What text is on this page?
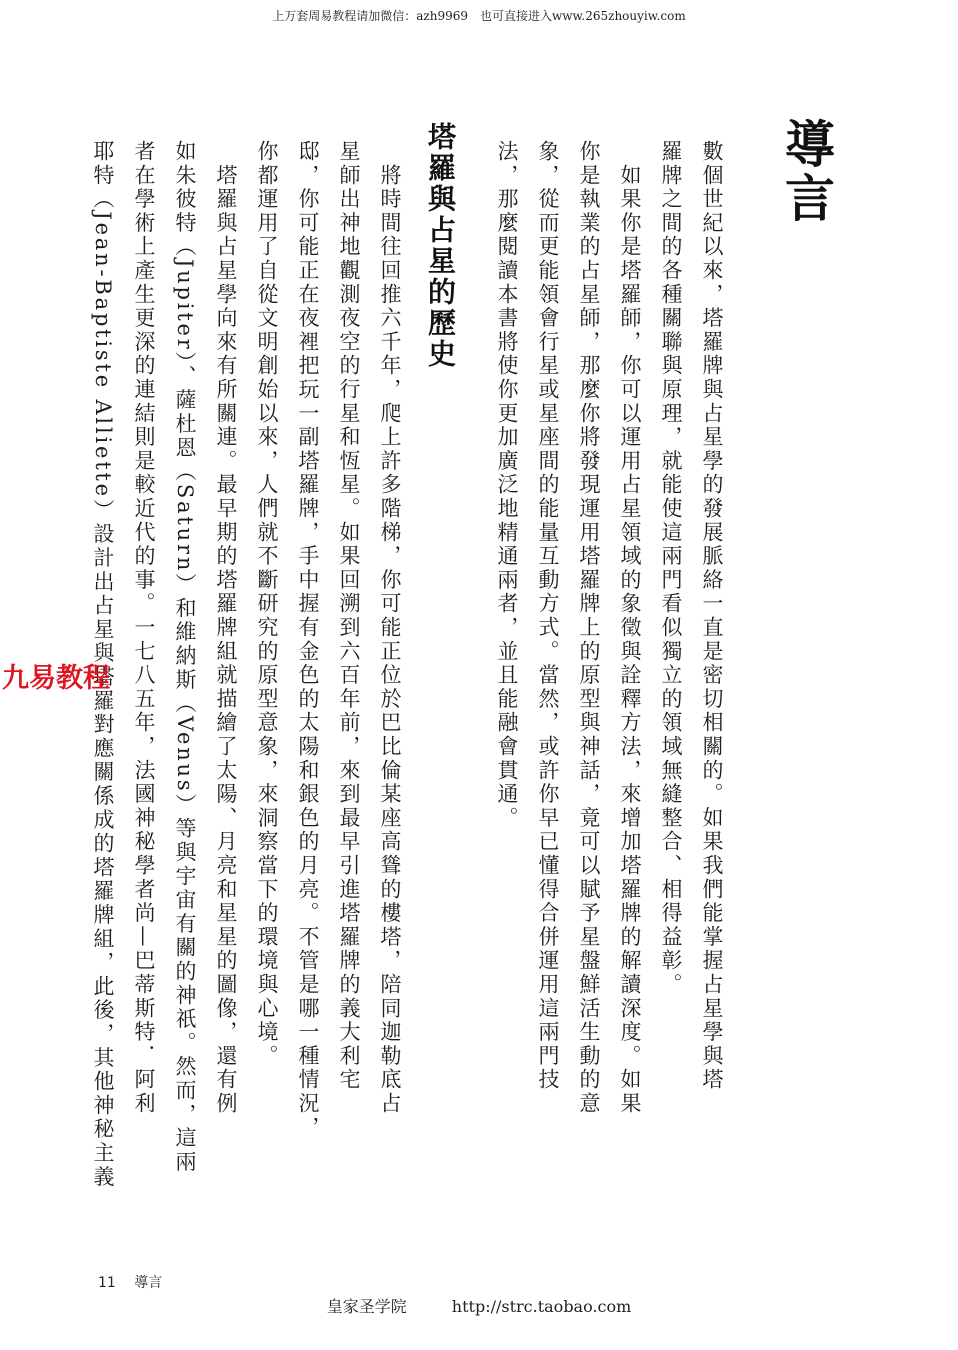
上万套周易教程请加微信：azh9969　也可直接进入www.265zhouyiw.com
導言
塔羅與占星的歷史	數個世紀以來，塔羅牌與占星學的發展脈絡一直是密切相關的。如果我們能掌握占星學與塔
羅牌之間的各種關聯與原理，就能使這兩門看似獨立的領域無縫整合、相得益彰。
　如果你是塔羅師，你可以運用占星領域的象徵與詮釋方法，來增加塔羅牌的解讀深度。如果
你是執業的占星師，那麼你將發現運用塔羅牌上的原型與神話，竟可以賦予星盤鮮活生動的意
象，從而更能領會行星或星座間的能量互動方式。當然，或許你早已懂得合併運用這兩門技
法，那麼閱讀本書將使你更加廣泛地精通兩者，並且能融會貫通。
　將時間往回推六千年，爬上許多階梯，你可能正位於巴比倫某座高聳的樓塔，陪同迦勒底占
星師出神地觀測夜空的行星和恆星。如果回溯到六百年前，來到最早引進塔羅牌的義大利宅
邸，你可能正在夜裡把玩一副塔羅牌，手中握有金色的太陽和銀色的月亮。不管是哪一種情況，
你都運用了自從文明創始以來，人們就不斷研究的原型意象，來洞察當下的環境與心境。
　塔羅與占星學向來有所關連。最早期的塔羅牌組就描繪了太陽、月亮和星星的圖像，還有例
如朱彼特（Jupiter）、薩杜恩（Saturn）和維納斯（Venus）等與宇宙有關的神祇。然而，這兩
者在學術上產生更深的連結則是較近代的事。一七八五年，法國神秘學者尚—巴蒂斯特．阿利
耶特（Jean-Baptiste Alliette）設計出占星與塔羅對應關係成的塔羅牌組，此後，其他神秘主義
九易教程
11 導言
皇家圣学院	http://strc.taobao.com
